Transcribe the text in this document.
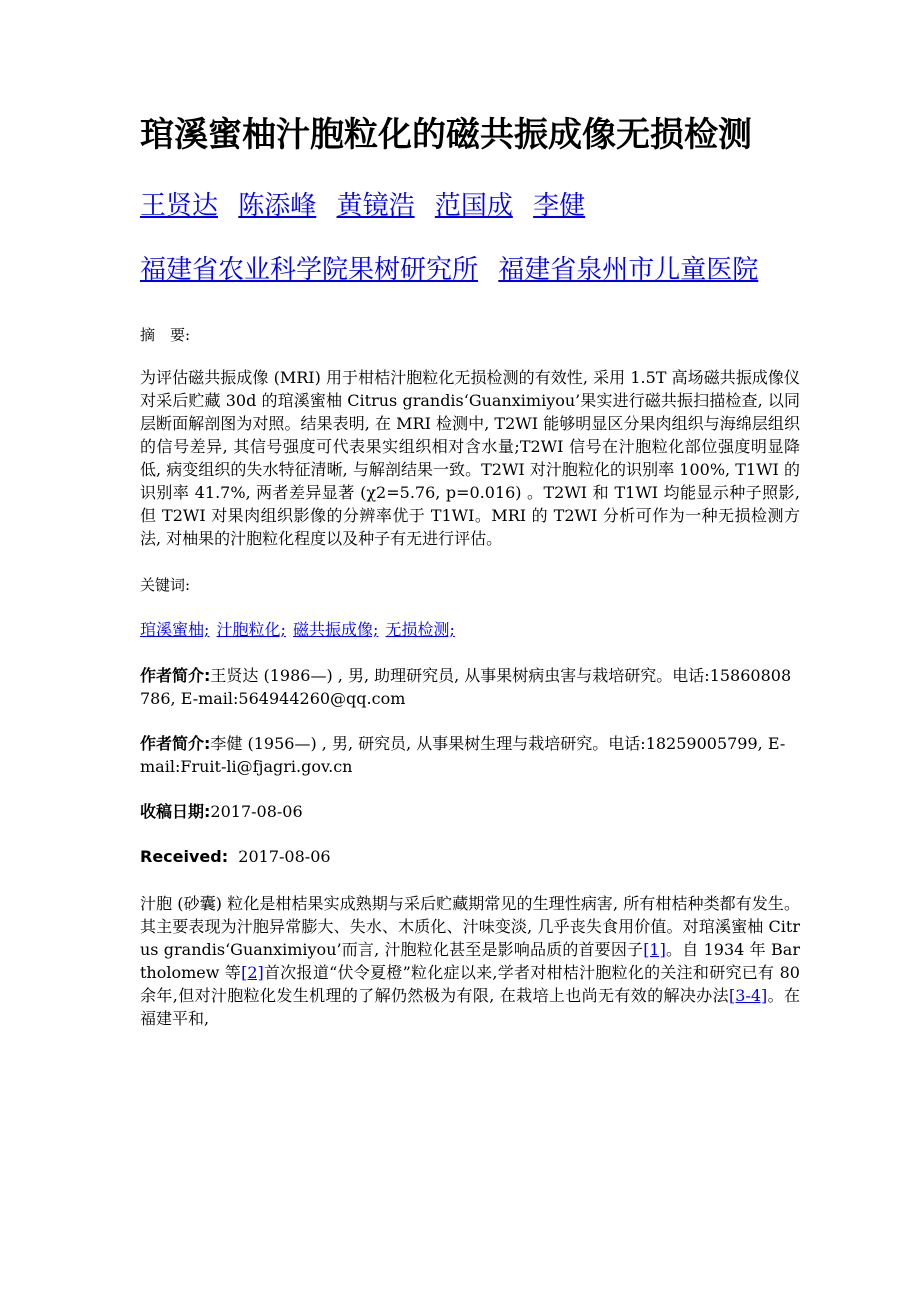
琯溪蜜柚汁胞粒化的磁共振成像无损检测
王贤达 陈添峰 黄镜浩 范国成 李健
福建省农业科学院果树研究所 福建省泉州市儿童医院
摘　要:
为评估磁共振成像 (MRI) 用于柑桔汁胞粒化无损检测的有效性, 采用 1.5T 高场磁共振成像仪对采后贮藏 30d 的琯溪蜜柚 Citrus grandis‘Guanximiyou’果实进行磁共振扫描检查, 以同层断面解剖图为对照。结果表明, 在 MRI 检测中, T2WI 能够明显区分果肉组织与海绵层组织的信号差异, 其信号强度可代表果实组织相对含水量;T2WI 信号在汁胞粒化部位强度明显降低, 病变组织的失水特征清晰, 与解剖结果一致。T2WI 对汁胞粒化的识别率 100%, T1WI 的识别率 41.7%, 两者差异显著 (χ2=5.76, p=0.016) 。T2WI 和 T1WI 均能显示种子照影, 但 T2WI 对果肉组织影像的分辨率优于 T1WI。MRI 的 T2WI 分析可作为一种无损检测方法, 对柚果的汁胞粒化程度以及种子有无进行评估。
关键词:
琯溪蜜柚; 汁胞粒化; 磁共振成像; 无损检测;
作者简介:王贤达 (1986—) , 男, 助理研究员, 从事果树病虫害与栽培研究。电话:15860808786, E-mail:564944260@qq.com
作者简介:李健 (1956—) , 男, 研究员, 从事果树生理与栽培研究。电话:18259005799, E-mail:Fruit-li@fjagri.gov.cn
收稿日期:2017-08-06
Received: 2017-08-06
汁胞 (砂囊) 粒化是柑桔果实成熟期与采后贮藏期常见的生理性病害, 所有柑桔种类都有发生。其主要表现为汁胞异常膨大、失水、木质化、汁味变淡, 几乎丧失食用价值。对琯溪蜜柚 Citrus grandis‘Guanximiyou’而言, 汁胞粒化甚至是影响品质的首要因子[1]。自 1934 年 Bartholomew 等[2]首次报道“伏令夏橙”粒化症以来,学者对柑桔汁胞粒化的关注和研究已有 80 余年,但对汁胞粒化发生机理的了解仍然极为有限, 在栽培上也尚无有效的解决办法[3-4]。在福建平和,
